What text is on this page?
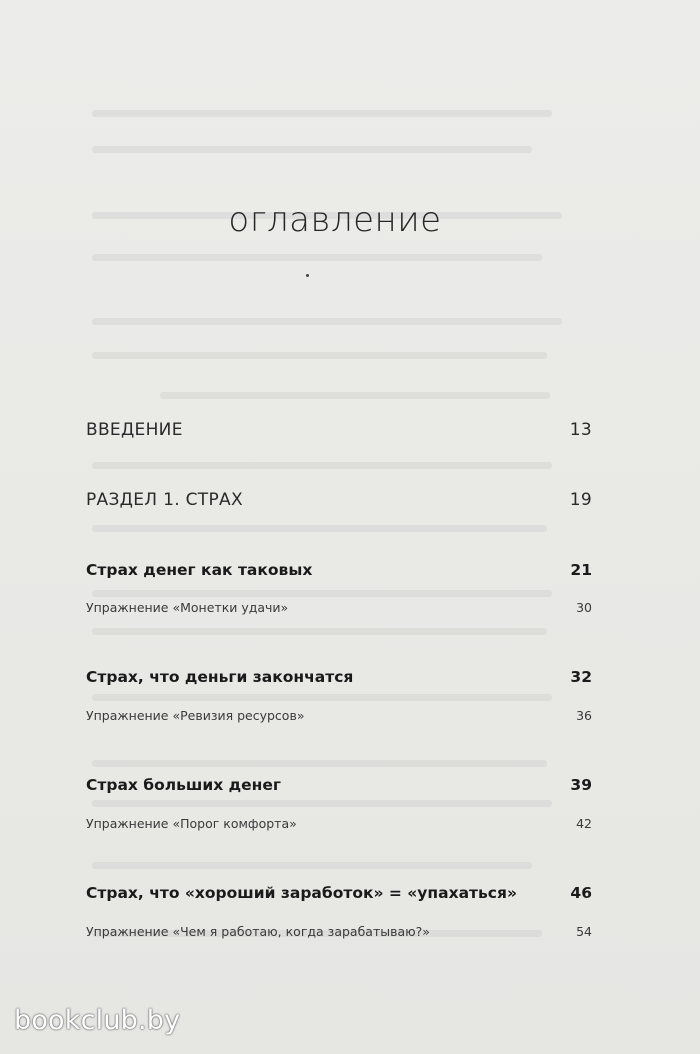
оглавление
ВВЕДЕНИЕ	13
РАЗДЕЛ 1. СТРАХ	19
Страх денег как таковых	21
Упражнение «Монетки удачи»	30
Страх, что деньги закончатся	32
Упражнение «Ревизия ресурсов»	36
Страх больших денег	39
Упражнение «Порог комфорта»	42
Страх, что «хороший заработок» = «упахаться»	46
Упражнение «Чем я работаю, когда зарабатываю?»	54
bookclub.by
